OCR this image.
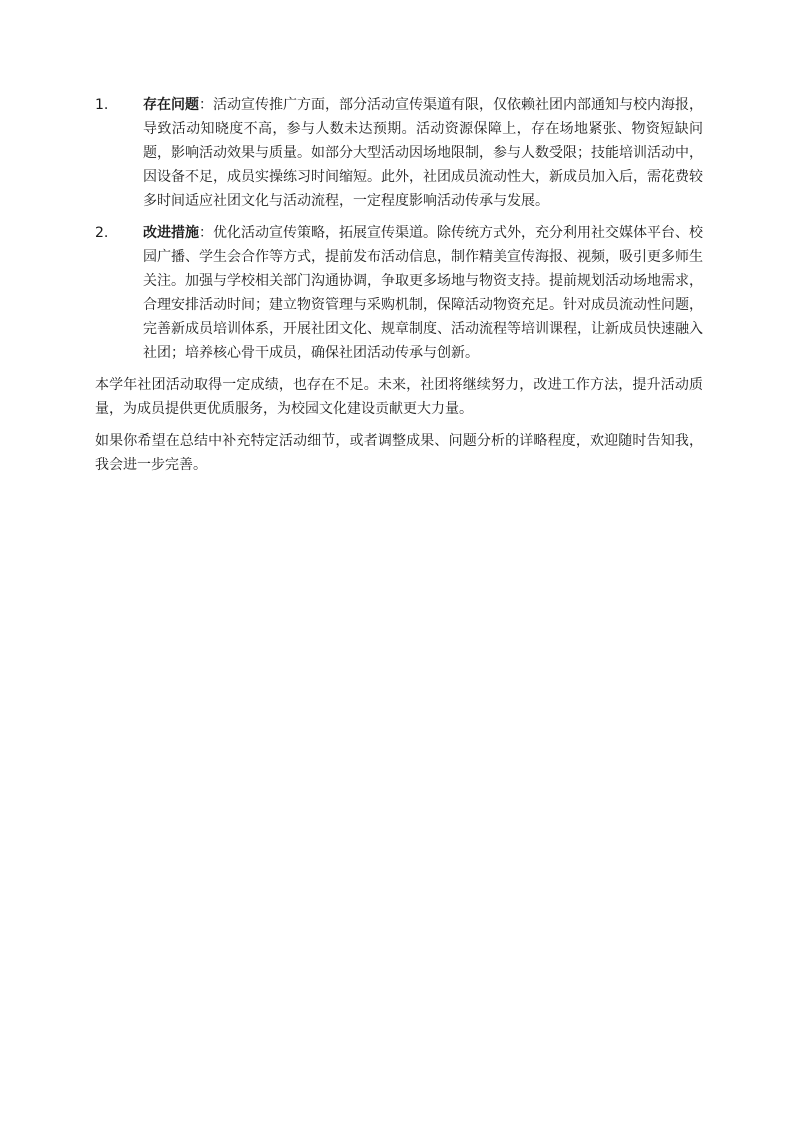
1.	存在问题：活动宣传推广方面，部分活动宣传渠道有限，仅依赖社团内部通知与校内海报，导致活动知晓度不高，参与人数未达预期。活动资源保障上，存在场地紧张、物资短缺问题，影响活动效果与质量。如部分大型活动因场地限制，参与人数受限；技能培训活动中，因设备不足，成员实操练习时间缩短。此外，社团成员流动性大，新成员加入后，需花费较多时间适应社团文化与活动流程，一定程度影响活动传承与发展。
2.	改进措施：优化活动宣传策略，拓展宣传渠道。除传统方式外，充分利用社交媒体平台、校园广播、学生会合作等方式，提前发布活动信息，制作精美宣传海报、视频，吸引更多师生关注。加强与学校相关部门沟通协调，争取更多场地与物资支持。提前规划活动场地需求，合理安排活动时间；建立物资管理与采购机制，保障活动物资充足。针对成员流动性问题，完善新成员培训体系，开展社团文化、规章制度、活动流程等培训课程，让新成员快速融入社团；培养核心骨干成员，确保社团活动传承与创新。

本学年社团活动取得一定成绩，也存在不足。未来，社团将继续努力，改进工作方法，提升活动质量，为成员提供更优质服务，为校园文化建设贡献更大力量。

如果你希望在总结中补充特定活动细节，或者调整成果、问题分析的详略程度，欢迎随时告知我，我会进一步完善。
